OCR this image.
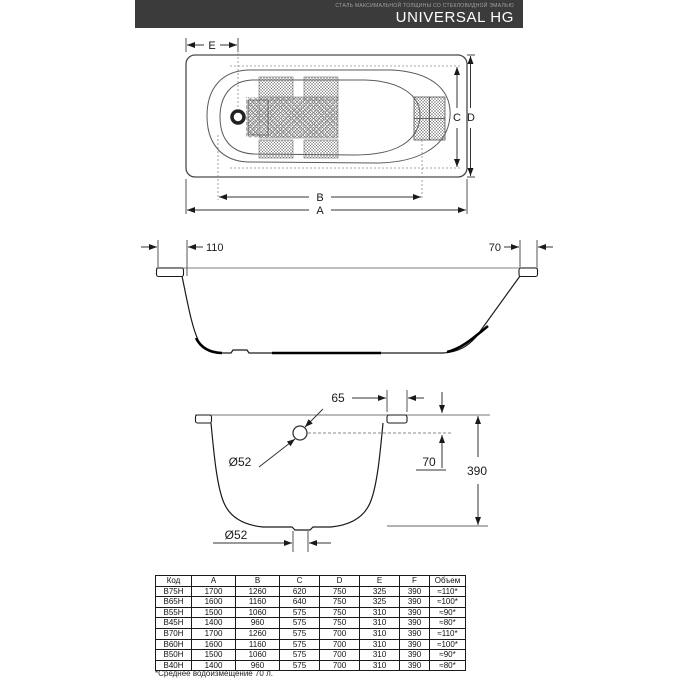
СТАЛЬ МАКСИМАЛЬНОЙ ТОЛЩИНЫ СО СТЕКЛОВИДНОЙ ЭМАЛЬЮ
UNIVERSAL HG
E
C D
B
A
110	70
Ø52
65
70
390
Ø52
Код	A	B	C	D	E	F	Объем
B75H	1700	1260	620	750	325	390	≈110*
B65H	1600	1160	640	750	325	390	≈100*
B55H	1500	1060	575	750	310	390	≈90*
B45H	1400	960	575	750	310	390	≈80*
B70H	1700	1260	575	700	310	390	≈110*
B60H	1600	1160	575	700	310	390	≈100*
B50H	1500	1060	575	700	310	390	≈90*
B40H	1400	960	575	700	310	390	≈80*
*Среднее водоизмещение 70 л.
